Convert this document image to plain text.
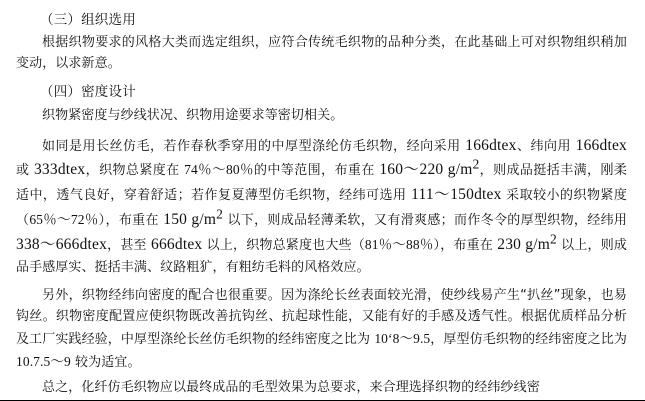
（三）组织选用

根据织物要求的风格大类而选定组织，应符合传统毛织物的品种分类，在此基础上可对织物组织稍加变动，以求新意。

（四）密度设计

织物紧密度与纱线状况、织物用途要求等密切相关。

如同是用长丝仿毛，若作春秋季穿用的中厚型涤纶仿毛织物，经向采用 166dtex、纬向用 166dtex 或 333dtex，织物总紧度在 74％～80％的中等范围，布重在 160～220 $g/m^2$，则成品挺括丰满，刚柔适中，透气良好，穿着舒适；若作复夏薄型仿毛织物，经纬可选用 111～150dtex 采取较小的织物紧度（65％～72％），布重在 150 $g/m^2$ 以下，则成品轻薄柔软，又有滑爽感；而作冬令的厚型织物，经纬用 338～666dtex，甚至 666dtex 以上，织物总紧度也大些（81％～88％），布重在 230 $g/m^2$ 以上，则成品手感厚实、挺括丰满、纹路粗犷，有粗纺毛料的风格效应。

另外，织物经纬向密度的配合也很重要。因为涤纶长丝表面较光滑，使纱线易产生“扒丝”现象，也易钩丝。织物密度配置应使织物既改善抗钩丝、抗起球性能，又能有好的手感及透气性。根据优质样品分析及工厂实践经验，中厚型涤纶长丝仿毛织物的经纬密度之比为 10ʻ8～9.5，厚型仿毛织物的经纬密度之比为 10.7.5～9 较为适宜。

总之，化纤仿毛织物应以最终成品的毛型效果为总要求，来合理选择织物的经纬纱线密
